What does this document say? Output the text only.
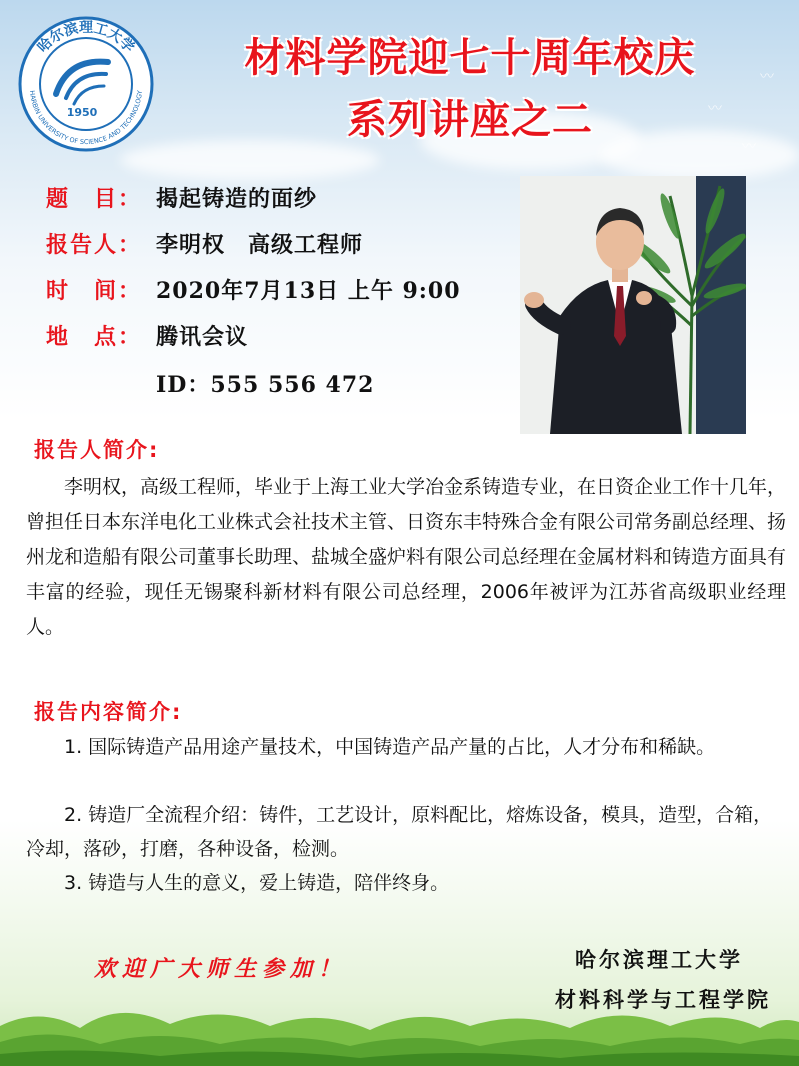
〰
〰
〰
哈尔滨理工大学
HARBIN UNIVERSITY OF SCIENCE AND TECHNOLOGY
1950
材料学院迎七十周年校庆
系列讲座之二
题　目： 揭起铸造的面纱
报告人： 李明权　高级工程师
时　间： 2020年7月13日 上午 9:00
地　点： 腾讯会议
ID：555 556 472
报告人简介:
李明权，高级工程师，毕业于上海工业大学冶金系铸造专业，在日资企业工作十几年，曾担任日本东洋电化工业株式会社技术主管、日资东丰特殊合金有限公司常务副总经理、扬州龙和造船有限公司董事长助理、盐城全盛炉料有限公司总经理在金属材料和铸造方面具有丰富的经验，现任无锡聚科新材料有限公司总经理，2006年被评为江苏省高级职业经理人。
报告内容简介:
1. 国际铸造产品用途产量技术，中国铸造产品产量的占比，人才分布和稀缺。
2. 铸造厂全流程介绍：铸件，工艺设计，原料配比，熔炼设备，模具，造型，合箱，冷却，落砂，打磨，各种设备，检测。
3. 铸造与人生的意义，爱上铸造，陪伴终身。
欢迎广大师生参加！	哈尔滨理工大学
材料科学与工程学院
